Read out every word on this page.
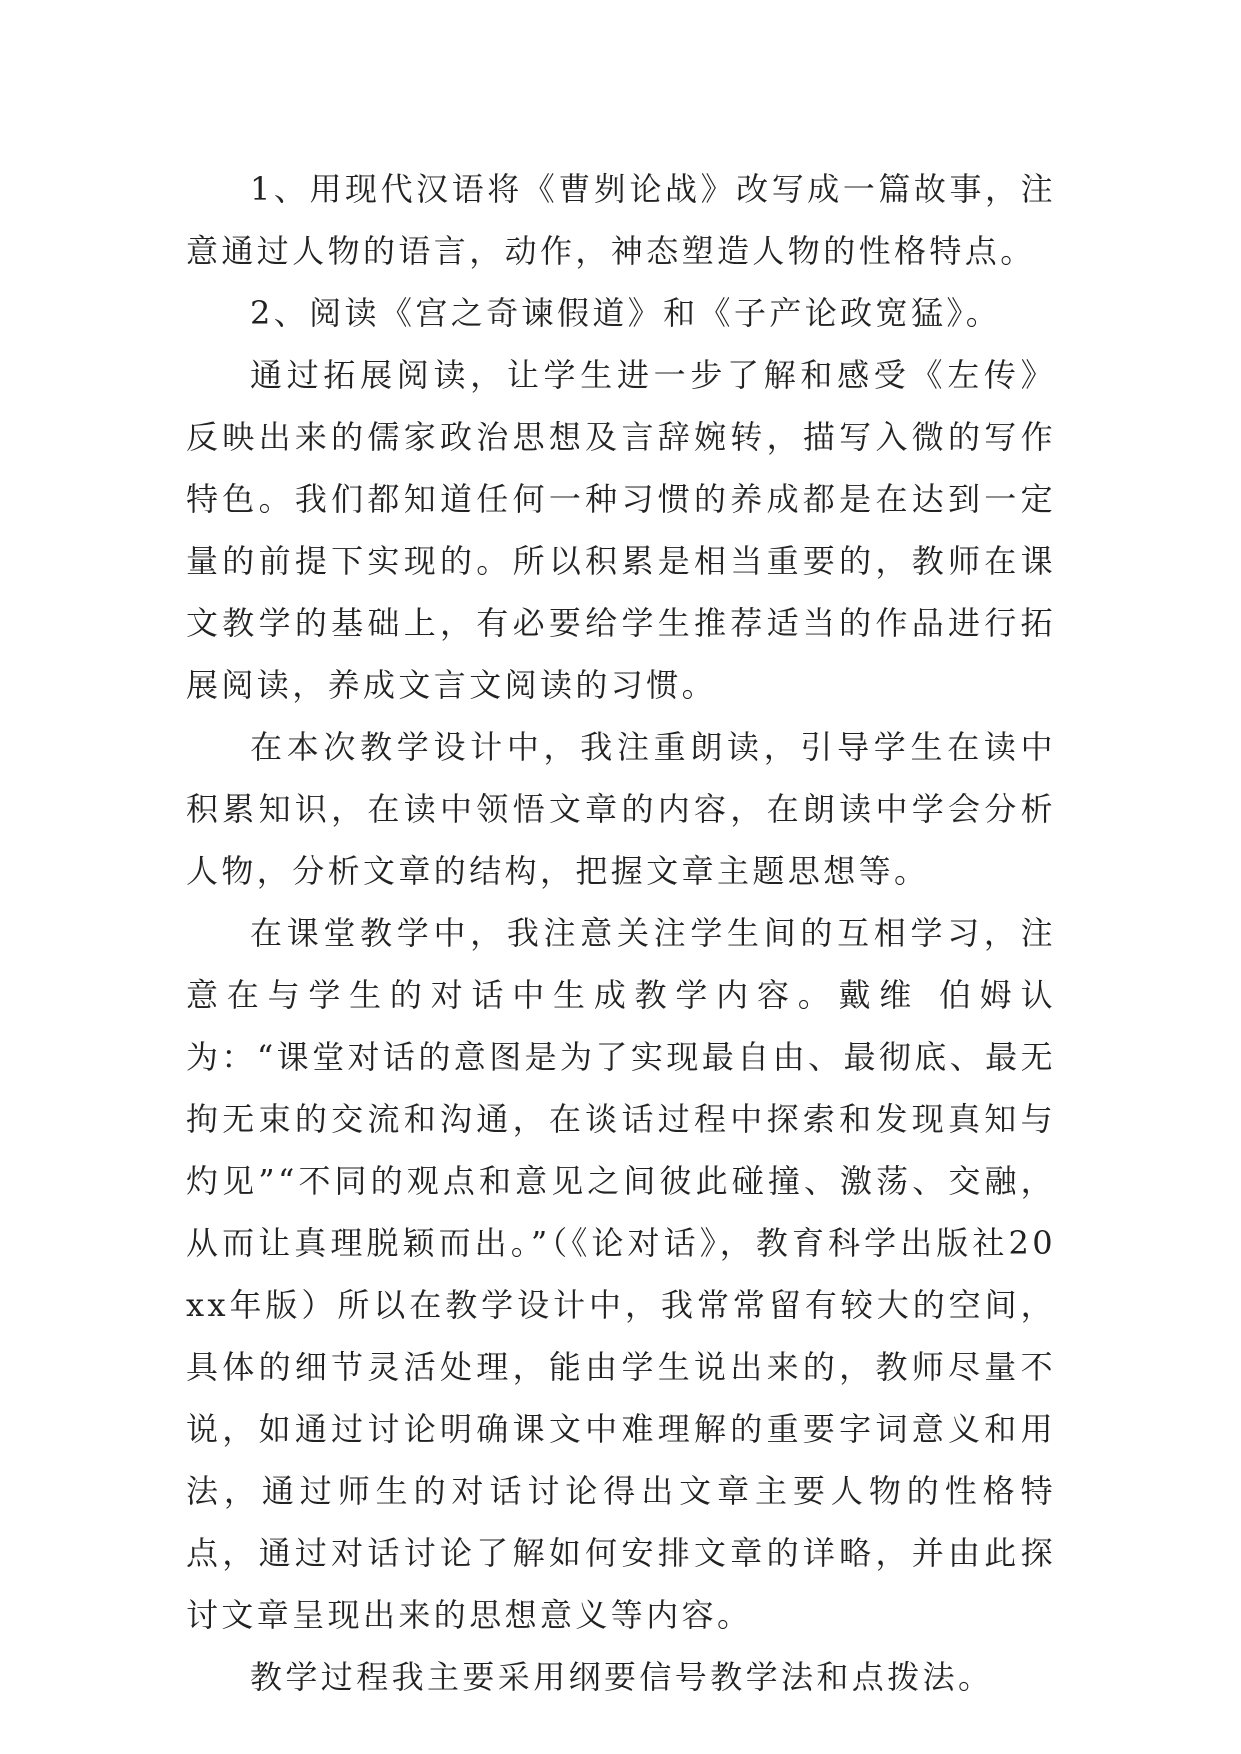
1、用现代汉语将《曹刿论战》改写成一篇故事，注意通过人物的语言，动作，神态塑造人物的性格特点。

2、阅读《宫之奇谏假道》和《子产论政宽猛》。

通过拓展阅读，让学生进一步了解和感受《左传》反映出来的儒家政治思想及言辞婉转，描写入微的写作特色。我们都知道任何一种习惯的养成都是在达到一定量的前提下实现的。所以积累是相当重要的，教师在课文教学的基础上，有必要给学生推荐适当的作品进行拓展阅读，养成文言文阅读的习惯。

在本次教学设计中，我注重朗读，引导学生在读中积累知识，在读中领悟文章的内容，在朗读中学会分析人物，分析文章的结构，把握文章主题思想等。

在课堂教学中，我注意关注学生间的互相学习，注意在与学生的对话中生成教学内容。戴维 伯姆认为：“课堂对话的意图是为了实现最自由、最彻底、最无拘无束的交流和沟通，在谈话过程中探索和发现真知与灼见”“不同的观点和意见之间彼此碰撞、激荡、交融，从而让真理脱颖而出。”（《论对话》，教育科学出版社20xx年版）所以在教学设计中，我常常留有较大的空间，具体的细节灵活处理，能由学生说出来的，教师尽量不说，如通过讨论明确课文中难理解的重要字词意义和用法，通过师生的对话讨论得出文章主要人物的性格特点，通过对话讨论了解如何安排文章的详略，并由此探讨文章呈现出来的思想意义等内容。

教学过程我主要采用纲要信号教学法和点拨法。
